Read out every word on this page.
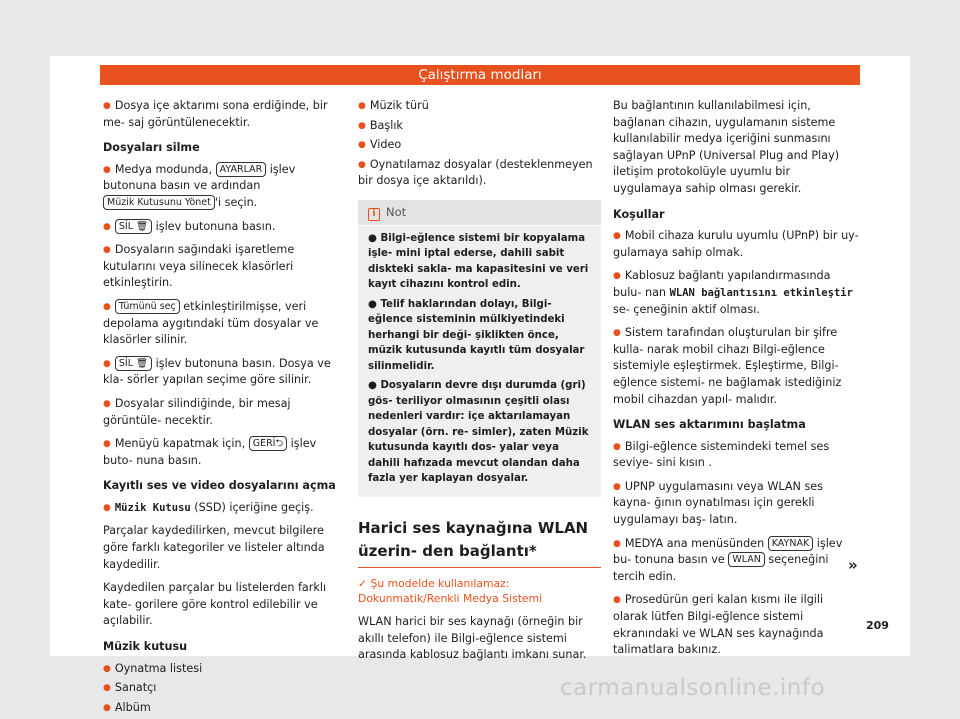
Çalıştırma modları

● Dosya içe aktarımı sona erdiğinde, bir me- saj görüntülenecektir.

Dosyaları silme

● Medya modunda, AYARLAR işlev butonuna basın ve ardından Müzik Kutusunu Yönet 'i seçin.

● SİL 🗑 işlev butonuna basın.

● Dosyaların sağındaki işaretleme kutularını veya silinecek klasörleri etkinleştirin.

● Tümünü seç etkinleştirilmişse, veri depolama aygıtındaki tüm dosyalar ve klasörler silinir.

● SİL 🗑 işlev butonuna basın. Dosya ve kla- sörler yapılan seçime göre silinir.

● Dosyalar silindiğinde, bir mesaj görüntüle- necektir.

● Menüyü kapatmak için, GERİ⮌ işlev buto- nuna basın.

Kayıtlı ses ve video dosyalarını açma

● Müzik Kutusu (SSD) içeriğine geçiş.

Parçalar kaydedilirken, mevcut bilgilere göre farklı kategoriler ve listeler altında kaydedilir.

Kaydedilen parçalar bu listelerden farklı kate- gorilere göre kontrol edilebilir ve açılabilir.

Müzik kutusu

● Oynatma listesi

● Sanatçı

● Albüm

● Müzik türü

● Başlık

● Video

● Oynatılamaz dosyalar (desteklenmeyen bir dosya içe aktarıldı).

i Not

● Bilgi-eğlence sistemi bir kopyalama işle- mini iptal ederse, dahili sabit diskteki sakla- ma kapasitesini ve veri kayıt cihazını kontrol edin.

● Telif haklarından dolayı, Bilgi-eğlence sisteminin mülkiyetindeki herhangi bir deği- şiklikten önce, müzik kutusunda kayıtlı tüm dosyalar silinmelidir.

● Dosyaların devre dışı durumda (gri) gös- teriliyor olmasının çeşitli olası nedenleri vardır: içe aktarılamayan dosyalar (örn. re- simler), zaten Müzik kutusunda kayıtlı dos- yalar veya dahili hafızada mevcut olandan daha fazla yer kaplayan dosyalar.

Harici ses kaynağına WLAN üzerin- den bağlantı*
✓ Şu modelde kullanılamaz: Dokunmatik/Renkli Medya Sistemi

WLAN harici bir ses kaynağı (örneğin bir akıllı telefon) ile Bilgi-eğlence sistemi arasında kablosuz bağlantı imkanı sunar.

Bu bağlantının kullanılabilmesi için, bağlanan cihazın, uygulamanın sisteme kullanılabilir medya içeriğini sunmasını sağlayan UPnP (Universal Plug and Play) iletişim protokolüyle uyumlu bir uygulamaya sahip olması gerekir.

Koşullar

● Mobil cihaza kurulu uyumlu (UPnP) bir uy- gulamaya sahip olmak.

● Kablosuz bağlantı yapılandırmasında bulu- nan WLAN bağlantısını etkinleştir se- çeneğinin aktif olması.

● Sistem tarafından oluşturulan bir şifre kulla- narak mobil cihazı Bilgi-eğlence sistemiyle eşleştirmek. Eşleştirme, Bilgi-eğlence sistemi- ne bağlamak istediğiniz mobil cihazdan yapıl- malıdır.

WLAN ses aktarımını başlatma

● Bilgi-eğlence sistemindeki temel ses seviye- sini kısın .

● UPNP uygulamasını veya WLAN ses kayna- ğının oynatılması için gerekli uygulamayı baş- latın.

● MEDYA ana menüsünden KAYNAK işlev bu- tonuna basın ve WLAN seçeneğini tercih edin.

● Prosedürün geri kalan kısmı ile ilgili olarak lütfen Bilgi-eğlence sistemi ekranındaki ve WLAN ses kaynağında talimatlara bakınız.

»
209
carmanualsonline.info
